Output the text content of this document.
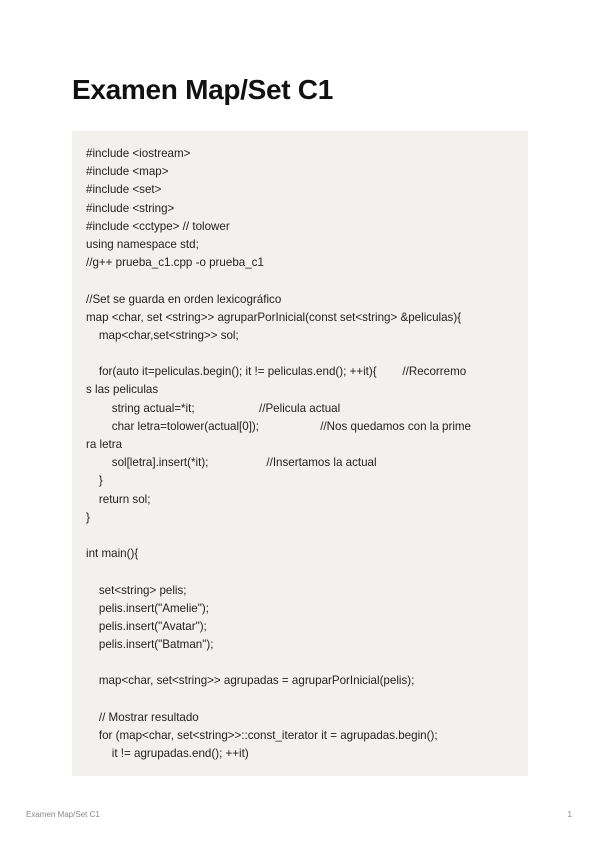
Examen Map/Set C1
#include <iostream>
#include <map>
#include <set>
#include <string>
#include <cctype> // tolower
using namespace std;
//g++ prueba_c1.cpp -o prueba_c1
//Set se guarda en orden lexicográfico
map <char, set <string>> agruparPorInicial(const set<string> &peliculas){
map<char,set<string>> sol;
for(auto it=peliculas.begin(); it != peliculas.end(); ++it){        //Recorremo
s las peliculas
string actual=*it;                    //Pelicula actual
char letra=tolower(actual[0]);                   //Nos quedamos con la prime
ra letra
sol[letra].insert(*it);                  //Insertamos la actual
}
return sol;
}
int main(){
set<string> pelis;
pelis.insert("Amelie");
pelis.insert("Avatar");
pelis.insert("Batman");
map<char, set<string>> agrupadas = agruparPorInicial(pelis);
// Mostrar resultado
for (map<char, set<string>>::const_iterator it = agrupadas.begin();
it != agrupadas.end(); ++it)
Examen Map/Set C1	1
